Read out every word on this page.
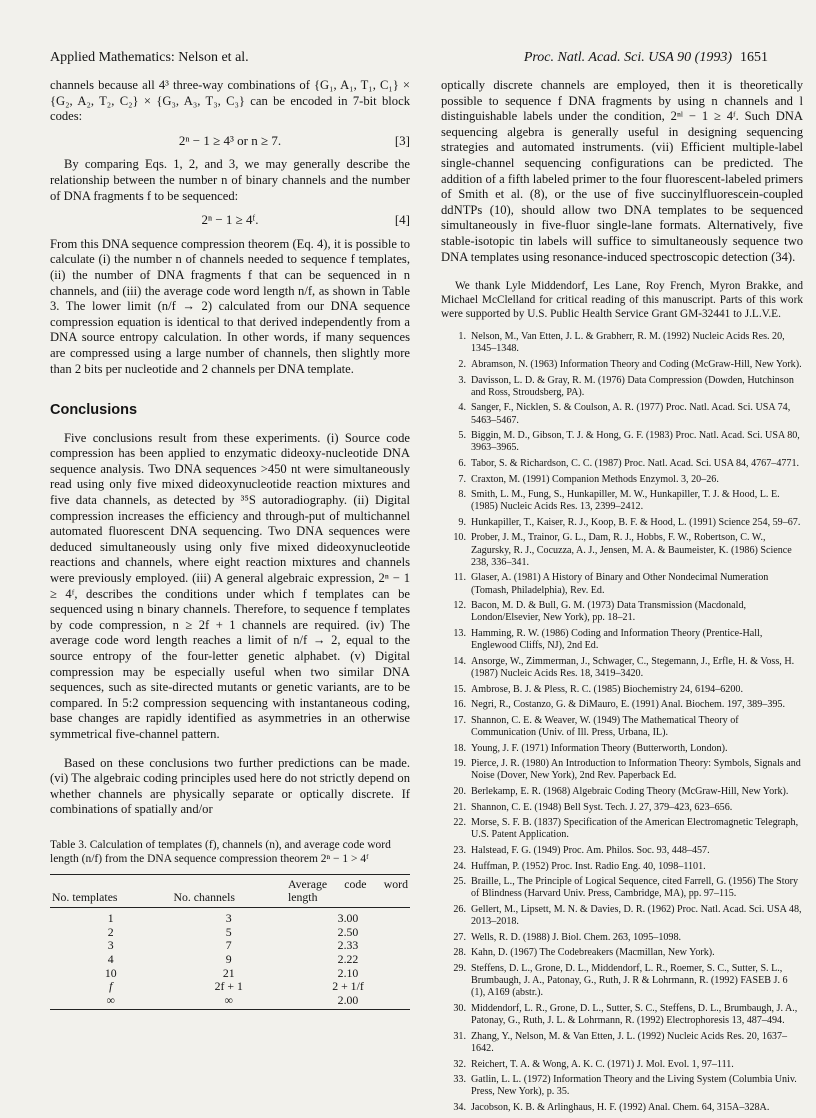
Applied Mathematics: Nelson et al.	Proc. Natl. Acad. Sci. USA 90 (1993) 1651

channels because all 4³ three-way combinations of {G₁, A₁, T₁, C₁} × {G₂, A₂, T₂, C₂} × {G₃, A₃, T₃, C₃} can be encoded in 7-bit block codes:

2ⁿ − 1 ≥ 4³ or n ≥ 7.	[3]

By comparing Eqs. 1, 2, and 3, we may generally describe the relationship between the number n of binary channels and the number of DNA fragments f to be sequenced:

2ⁿ − 1 ≥ 4ᶠ.	[4]

From this DNA sequence compression theorem (Eq. 4), it is possible to calculate (i) the number n of channels needed to sequence f templates, (ii) the number of DNA fragments f that can be sequenced in n channels, and (iii) the average code word length n/f, as shown in Table 3. The lower limit (n/f → 2) calculated from our DNA sequence compression equation is identical to that derived independently from a DNA source entropy calculation. In other words, if many sequences are compressed using a large number of channels, then slightly more than 2 bits per nucleotide and 2 channels per DNA template.

Conclusions

Five conclusions result from these experiments. (i) Source code compression has been applied to enzymatic dideoxy-nucleotide DNA sequence analysis. Two DNA sequences >450 nt were simultaneously read using only five mixed dideoxynucleotide reaction mixtures and five data channels, as detected by ³⁵S autoradiography. (ii) Digital compression increases the efficiency and through-put of multichannel automated fluorescent DNA sequencing. Two DNA sequences were deduced simultaneously using only five mixed dideoxynucleotide reactions and channels, where eight reaction mixtures and channels were previously employed. (iii) A general algebraic expression, 2ⁿ − 1 ≥ 4ᶠ, describes the conditions under which f templates can be sequenced using n binary channels. Therefore, to sequence f templates by code compression, n ≥ 2f + 1 channels are required. (iv) The average code word length reaches a limit of n/f → 2, equal to the source entropy of the four-letter genetic alphabet. (v) Digital compression may be especially useful when two similar DNA sequences, such as site-directed mutants or genetic variants, are to be compared. In 5:2 compression sequencing with instantaneous coding, base changes are rapidly identified as asymmetries in an otherwise symmetrical five-channel pattern.

Based on these conclusions two further predictions can be made. (vi) The algebraic coding principles used here do not strictly depend on whether channels are physically separate or optically discrete. If combinations of spatially and/or

Table 3. Calculation of templates (f), channels (n), and average code word length (n/f) from the DNA sequence compression theorem 2ⁿ − 1 > 4ᶠ

No. templates	No. channels	Average code word length
1	3	3.00
2	5	2.50
3	7	2.33
4	9	2.22
10	21	2.10
f	2f + 1	2 + 1/f
∞	∞	2.00

optically discrete channels are employed, then it is theoretically possible to sequence f DNA fragments by using n channels and l distinguishable labels under the condition, 2ⁿˡ − 1 ≥ 4ᶠ. Such DNA sequencing algebra is generally useful in designing sequencing strategies and automated instruments. (vii) Efficient multiple-label single-channel sequencing configurations can be predicted. The addition of a fifth labeled primer to the four fluorescent-labeled primers of Smith et al. (8), or the use of five succinylfluorescein-coupled ddNTPs (10), should allow two DNA templates to be sequenced simultaneously in five-fluor single-lane formats. Alternatively, five stable-isotopic tin labels will suffice to simultaneously sequence two DNA templates using resonance-induced spectroscopic detection (34).

We thank Lyle Middendorf, Les Lane, Roy French, Myron Brakke, and Michael McClelland for critical reading of this manuscript. Parts of this work were supported by U.S. Public Health Service Grant GM-32441 to J.L.V.E.

1. Nelson, M., Van Etten, J. L. & Grabherr, R. M. (1992) Nucleic Acids Res. 20, 1345–1348.
2. Abramson, N. (1963) Information Theory and Coding (McGraw-Hill, New York).
3. Davisson, L. D. & Gray, R. M. (1976) Data Compression (Dowden, Hutchinson and Ross, Stroudsberg, PA).
4. Sanger, F., Nicklen, S. & Coulson, A. R. (1977) Proc. Natl. Acad. Sci. USA 74, 5463–5467.
5. Biggin, M. D., Gibson, T. J. & Hong, G. F. (1983) Proc. Natl. Acad. Sci. USA 80, 3963–3965.
6. Tabor, S. & Richardson, C. C. (1987) Proc. Natl. Acad. Sci. USA 84, 4767–4771.
7. Craxton, M. (1991) Companion Methods Enzymol. 3, 20–26.
8. Smith, L. M., Fung, S., Hunkapiller, M. W., Hunkapiller, T. J. & Hood, L. E. (1985) Nucleic Acids Res. 13, 2399–2412.
9. Hunkapiller, T., Kaiser, R. J., Koop, B. F. & Hood, L. (1991) Science 254, 59–67.
10. Prober, J. M., Trainor, G. L., Dam, R. J., Hobbs, F. W., Robertson, C. W., Zagursky, R. J., Cocuzza, A. J., Jensen, M. A. & Baumeister, K. (1986) Science 238, 336–341.
11. Glaser, A. (1981) A History of Binary and Other Nondecimal Numeration (Tomash, Philadelphia), Rev. Ed.
12. Bacon, M. D. & Bull, G. M. (1973) Data Transmission (Macdonald, London/Elsevier, New York), pp. 18–21.
13. Hamming, R. W. (1986) Coding and Information Theory (Prentice-Hall, Englewood Cliffs, NJ), 2nd Ed.
14. Ansorge, W., Zimmerman, J., Schwager, C., Stegemann, J., Erfle, H. & Voss, H. (1987) Nucleic Acids Res. 18, 3419–3420.
15. Ambrose, B. J. & Pless, R. C. (1985) Biochemistry 24, 6194–6200.
16. Negri, R., Costanzo, G. & DiMauro, E. (1991) Anal. Biochem. 197, 389–395.
17. Shannon, C. E. & Weaver, W. (1949) The Mathematical Theory of Communication (Univ. of Ill. Press, Urbana, IL).
18. Young, J. F. (1971) Information Theory (Butterworth, London).
19. Pierce, J. R. (1980) An Introduction to Information Theory: Symbols, Signals and Noise (Dover, New York), 2nd Rev. Paperback Ed.
20. Berlekamp, E. R. (1968) Algebraic Coding Theory (McGraw-Hill, New York).
21. Shannon, C. E. (1948) Bell Syst. Tech. J. 27, 379–423, 623–656.
22. Morse, S. F. B. (1837) Specification of the American Electromagnetic Telegraph, U.S. Patent Application.
23. Halstead, F. G. (1949) Proc. Am. Philos. Soc. 93, 448–457.
24. Huffman, P. (1952) Proc. Inst. Radio Eng. 40, 1098–1101.
25. Braille, L., The Principle of Logical Sequence, cited Farrell, G. (1956) The Story of Blindness (Harvard Univ. Press, Cambridge, MA), pp. 97–115.
26. Gellert, M., Lipsett, M. N. & Davies, D. R. (1962) Proc. Natl. Acad. Sci. USA 48, 2013–2018.
27. Wells, R. D. (1988) J. Biol. Chem. 263, 1095–1098.
28. Kahn, D. (1967) The Codebreakers (Macmillan, New York).
29. Steffens, D. L., Grone, D. L., Middendorf, L. R., Roemer, S. C., Sutter, S. L., Brumbaugh, J. A., Patonay, G., Ruth, J. R & Lohrmann, R. (1992) FASEB J. 6 (1), A169 (abstr.).
30. Middendorf, L. R., Grone, D. L., Sutter, S. C., Steffens, D. L., Brumbaugh, J. A., Patonay, G., Ruth, J. L. & Lohrmann, R. (1992) Electrophoresis 13, 487–494.
31. Zhang, Y., Nelson, M. & Van Etten, J. L. (1992) Nucleic Acids Res. 20, 1637–1642.
32. Reichert, T. A. & Wong, A. K. C. (1971) J. Mol. Evol. 1, 97–111.
33. Gatlin, L. L. (1972) Information Theory and the Living System (Columbia Univ. Press, New York), p. 35.
34. Jacobson, K. B. & Arlinghaus, H. F. (1992) Anal. Chem. 64, 315A–328A.
